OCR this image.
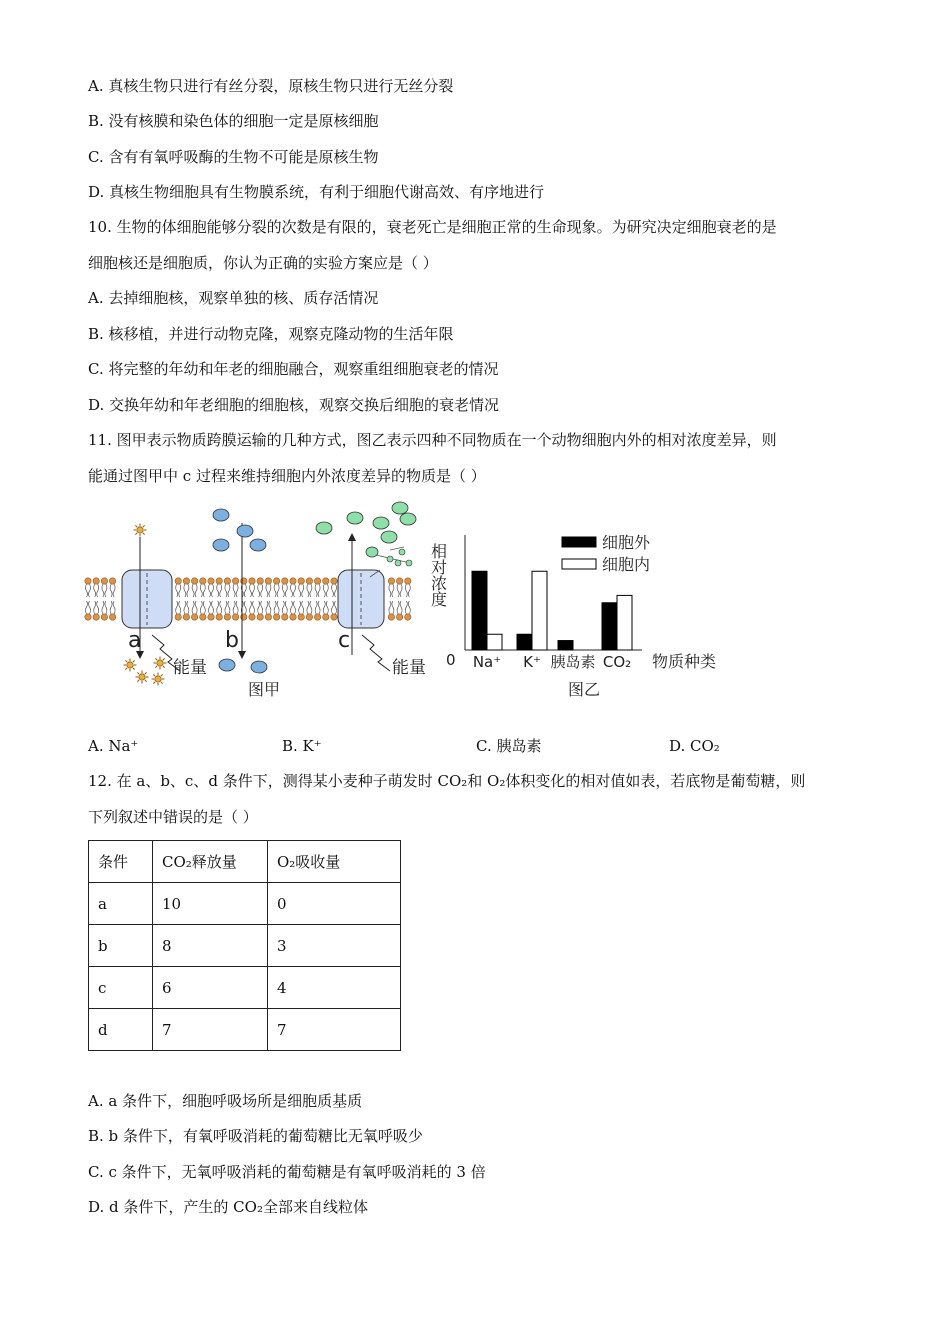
A. 真核生物只进行有丝分裂，原核生物只进行无丝分裂
B. 没有核膜和染色体的细胞一定是原核细胞
C. 含有有氧呼吸酶的生物不可能是原核生物
D. 真核生物细胞具有生物膜系统，有利于细胞代谢高效、有序地进行
10. 生物的体细胞能够分裂的次数是有限的，衰老死亡是细胞正常的生命现象。为研究决定细胞衰老的是
细胞核还是细胞质，你认为正确的实验方案应是（ ）
A. 去掉细胞核，观察单独的核、质存活情况
B. 核移植，并进行动物克隆，观察克隆动物的生活年限
C. 将完整的年幼和年老的细胞融合，观察重组细胞衰老的情况
D. 交换年幼和年老细胞的细胞核，观察交换后细胞的衰老情况
11. 图甲表示物质跨膜运输的几种方式，图乙表示四种不同物质在一个动物细胞内外的相对浓度差异，则
能通过图甲中 c 过程来维持细胞内外浓度差异的物质是（ ）
a
能量
b
图甲
c
能量
相对浓度
0	物质种类
图乙
细胞外
细胞内
Na⁺ K⁺ 胰岛素 CO₂
A. Na⁺	B. K⁺	C. 胰岛素	D. CO₂
12. 在 a、b、c、d 条件下，测得某小麦种子萌发时 CO₂和 O₂体积变化的相对值如表，若底物是葡萄糖，则
下列叙述中错误的是（ ）
条件	CO₂释放量	O₂吸收量
a	10	0
b	8	3
c	6	4
d	7	7
A. a 条件下，细胞呼吸场所是细胞质基质
B. b 条件下，有氧呼吸消耗的葡萄糖比无氧呼吸少
C. c 条件下，无氧呼吸消耗的葡萄糖是有氧呼吸消耗的 3 倍
D. d 条件下，产生的 CO₂全部来自线粒体
